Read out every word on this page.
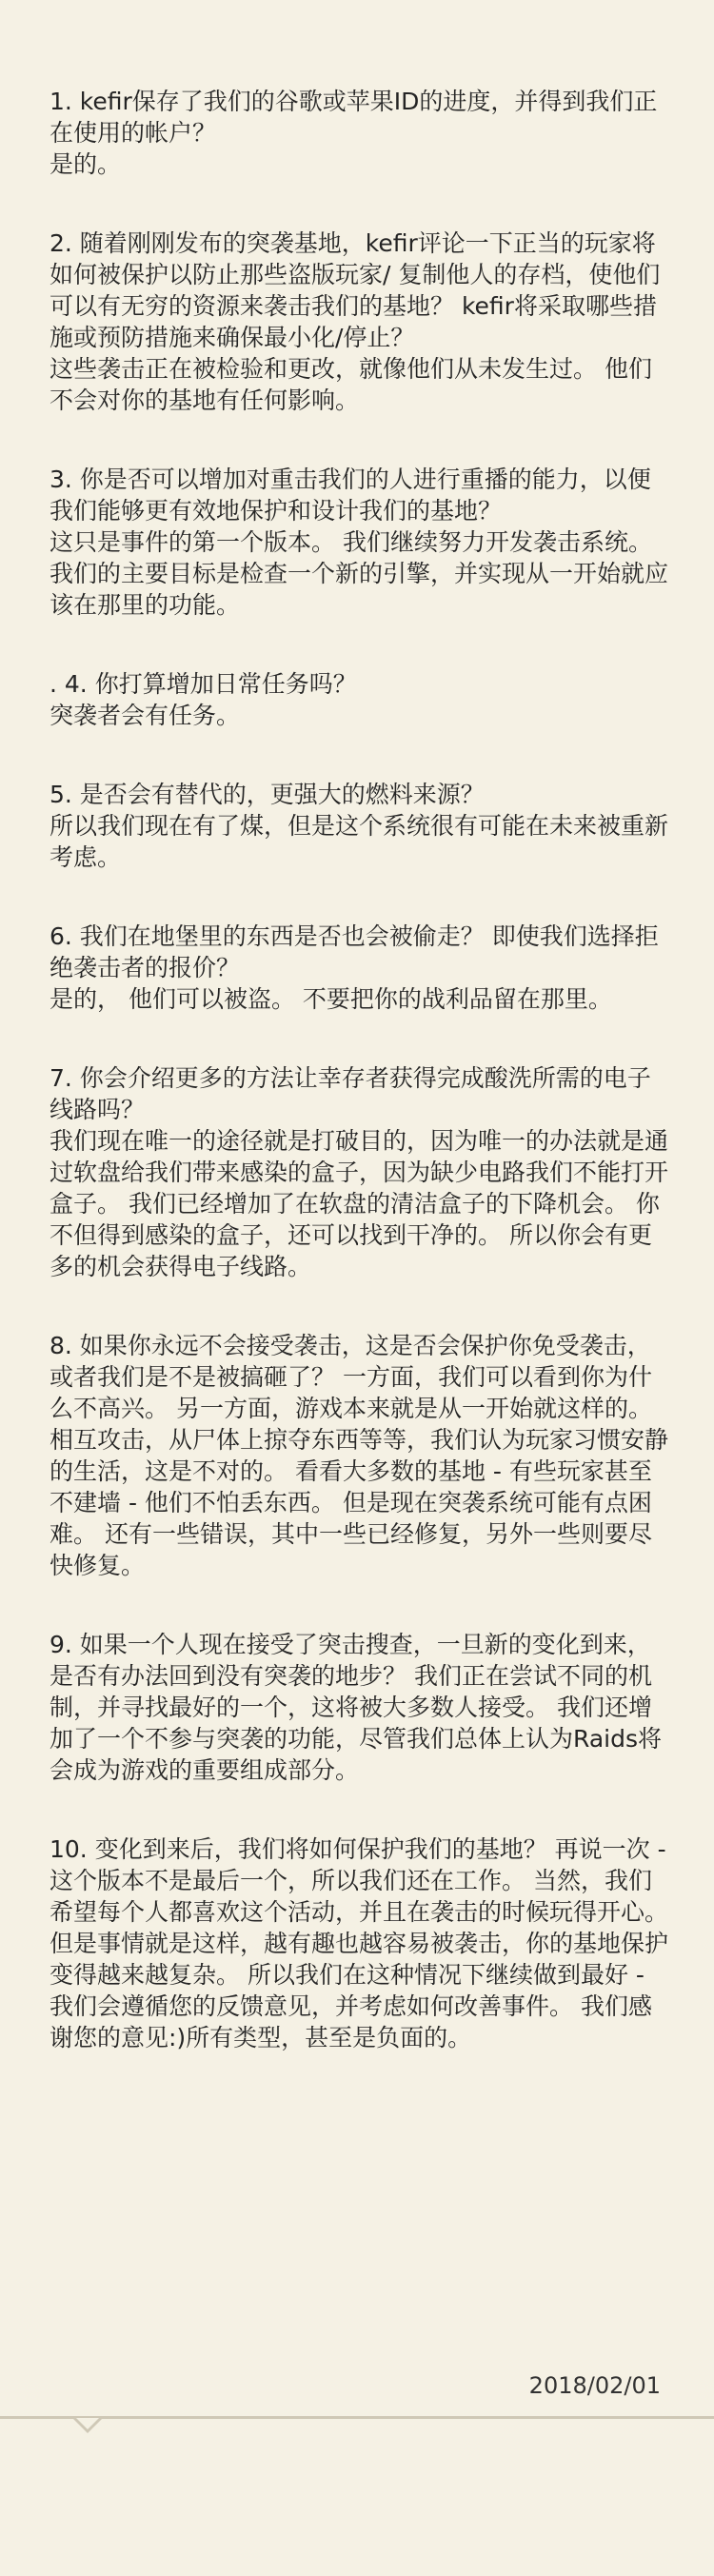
1. kefir保存了我们的谷歌或苹果ID的进度，并得到我们正在使用的帐户？

是的。

2. 随着刚刚发布的突袭基地，kefir评论一下正当的玩家将如何被保护以防止那些盗版玩家/ 复制他人的存档，使他们可以有无穷的资源来袭击我们的基地？ kefir将采取哪些措施或预防措施来确保最小化/停止？

这些袭击正在被检验和更改，就像他们从未发生过。 他们不会对你的基地有任何影响。

3. 你是否可以增加对重击我们的人进行重播的能力，以便我们能够更有效地保护和设计我们的基地？

这只是事件的第一个版本。 我们继续努力开发袭击系统。 我们的主要目标是检查一个新的引擎，并实现从一开始就应该在那里的功能。

. 4. 你打算增加日常任务吗？

突袭者会有任务。

5. 是否会有替代的，更强大的燃料来源？

所以我们现在有了煤，但是这个系统很有可能在未来被重新考虑。

6. 我们在地堡里的东西是否也会被偷走？ 即使我们选择拒绝袭击者的报价？

是的， 他们可以被盗。 不要把你的战利品留在那里。

7. 你会介绍更多的方法让幸存者获得完成酸洗所需的电子线路吗？

我们现在唯一的途径就是打破目的，因为唯一的办法就是通过软盘给我们带来感染的盒子，因为缺少电路我们不能打开盒子。 我们已经增加了在软盘的清洁盒子的下降机会。 你不但得到感染的盒子，还可以找到干净的。 所以你会有更多的机会获得电子线路。

8. 如果你永远不会接受袭击，这是否会保护你免受袭击，或者我们是不是被搞砸了？ 一方面，我们可以看到你为什么不高兴。 另一方面，游戏本来就是从一开始就这样的。 相互攻击，从尸体上掠夺东西等等，我们认为玩家习惯安静的生活，这是不对的。 看看大多数的基地 - 有些玩家甚至不建墙 - 他们不怕丢东西。 但是现在突袭系统可能有点困难。 还有一些错误，其中一些已经修复，另外一些则要尽快修复。

9. 如果一个人现在接受了突击搜查，一旦新的变化到来，是否有办法回到没有突袭的地步？ 我们正在尝试不同的机制，并寻找最好的一个，这将被大多数人接受。 我们还增加了一个不参与突袭的功能，尽管我们总体上认为Raids将会成为游戏的重要组成部分。

10. 变化到来后，我们将如何保护我们的基地？ 再说一次 - 这个版本不是最后一个，所以我们还在工作。 当然，我们希望每个人都喜欢这个活动，并且在袭击的时候玩得开心。 但是事情就是这样，越有趣也越容易被袭击，你的基地保护变得越来越复杂。 所以我们在这种情况下继续做到最好 - 我们会遵循您的反馈意见，并考虑如何改善事件。 我们感谢您的意见:)所有类型，甚至是负面的。

2018/02/01
